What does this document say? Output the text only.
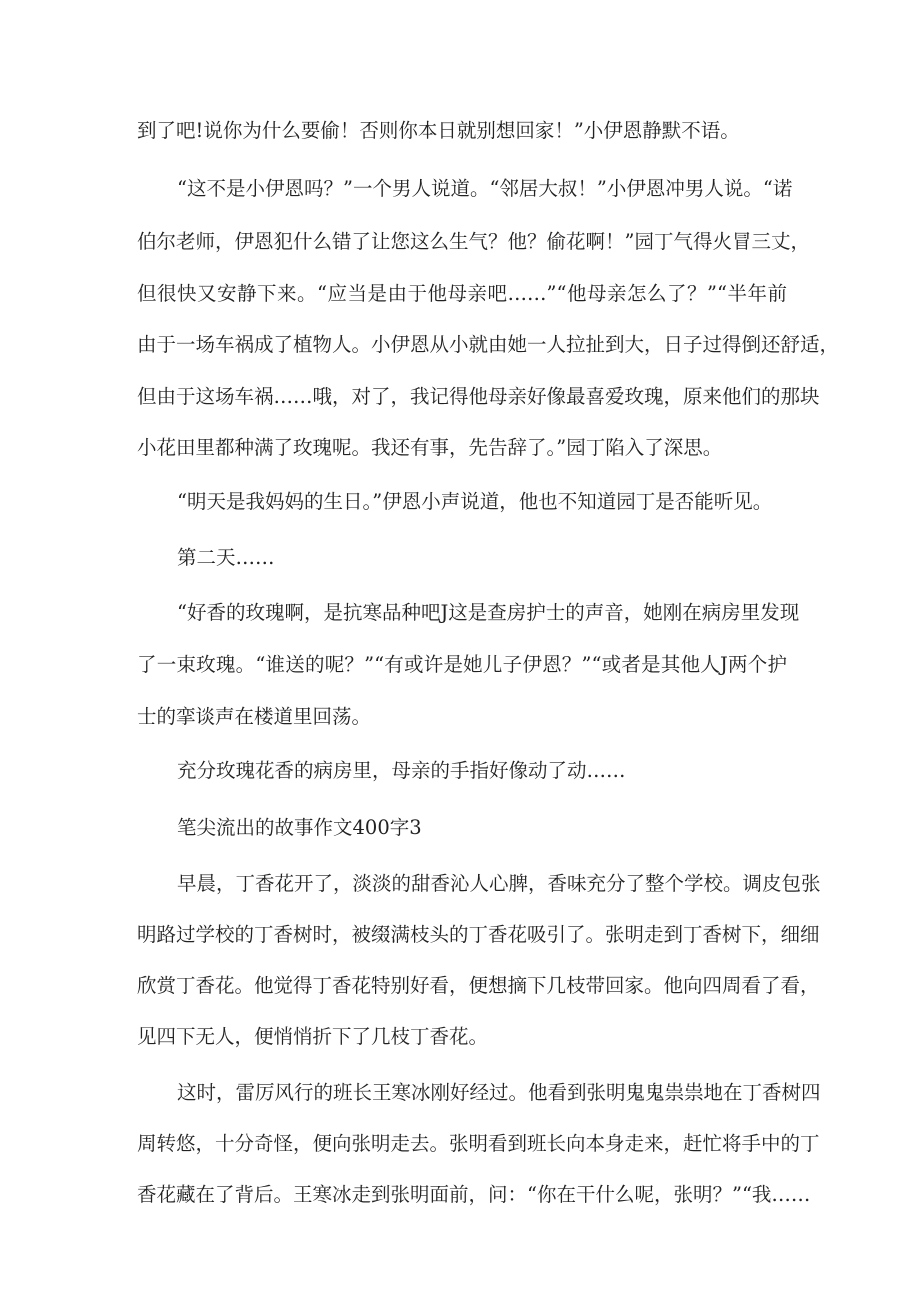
到了吧!说你为什么要偷！否则你本日就别想回家！”小伊恩静默不语。

“这不是小伊恩吗？”一个男人说道。“邻居大叔！”小伊恩冲男人说。“诺

伯尔老师，伊恩犯什么错了让您这么生气？他？偷花啊！”园丁气得火冒三丈，

但很快又安静下来。“应当是由于他母亲吧……”“他母亲怎么了？”“半年前

由于一场车祸成了植物人。小伊恩从小就由她一人拉扯到大，日子过得倒还舒适，

但由于这场车祸……哦，对了，我记得他母亲好像最喜爱玫瑰，原来他们的那块

小花田里都种满了玫瑰呢。我还有事，先告辞了。”园丁陷入了深思。

“明天是我妈妈的生日。”伊恩小声说道，他也不知道园丁是否能听见。

第二天……

“好香的玫瑰啊，是抗寒品种吧J这是查房护士的声音，她刚在病房里发现

了一束玫瑰。“谁送的呢？”“有或许是她儿子伊恩？”“或者是其他人J两个护

士的挛谈声在楼道里回荡。

充分玫瑰花香的病房里，母亲的手指好像动了动……

笔尖流出的故事作文400字3

早晨，丁香花开了，淡淡的甜香沁人心脾，香味充分了整个学校。调皮包张

明路过学校的丁香树时，被缀满枝头的丁香花吸引了。张明走到丁香树下，细细

欣赏丁香花。他觉得丁香花特别好看，便想摘下几枝带回家。他向四周看了看，

见四下无人，便悄悄折下了几枝丁香花。

这时，雷厉风行的班长王寒冰刚好经过。他看到张明鬼鬼祟祟地在丁香树四

周转悠，十分奇怪，便向张明走去。张明看到班长向本身走来，赶忙将手中的丁

香花藏在了背后。王寒冰走到张明面前，问：“你在干什么呢，张明？”“我……
